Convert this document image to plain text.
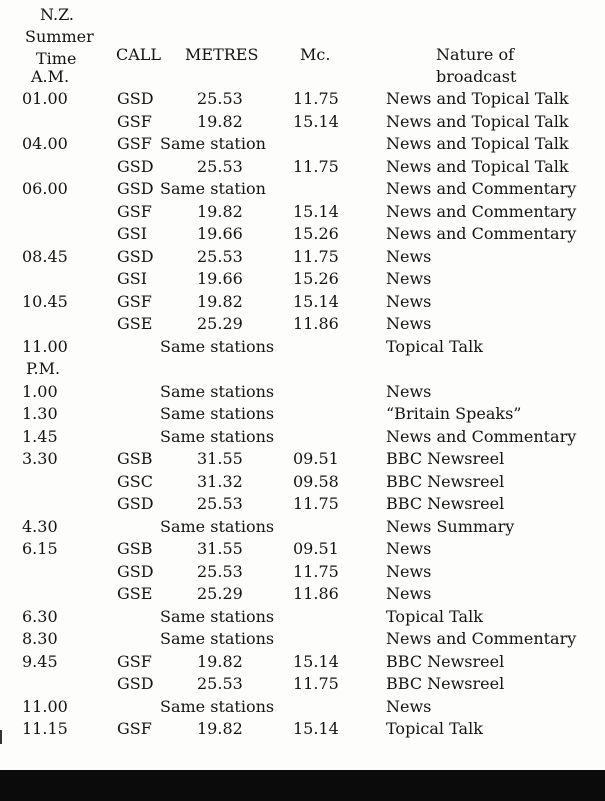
N.Z.
Summer
Time
A.M.
CALL METRES	Mc.	Nature of
broadcast
01.00	GSD	25.53	11.75	News and Topical Talk
GSF	19.82	15.14	News and Topical Talk
04.00	GSF Same station	News and Topical Talk
GSD	25.53	11.75	News and Topical Talk
06.00	GSD Same station	News and Commentary
GSF	19.82	15.14	News and Commentary
GSI	19.66	15.26	News and Commentary
08.45	GSD	25.53	11.75	News
GSI	19.66	15.26	News
10.45	GSF	19.82	15.14	News
GSE	25.29	11.86	News
11.00	Same stations	Topical Talk
P.M.
1.00	Same stations	News
1.30	Same stations	“Britain Speaks”
1.45	Same stations	News and Commentary
3.30	GSB	31.55	09.51	BBC Newsreel
GSC	31.32	09.58	BBC Newsreel
GSD	25.53	11.75	BBC Newsreel
4.30	Same stations	News Summary
6.15	GSB	31.55	09.51	News
GSD	25.53	11.75	News
GSE	25.29	11.86	News
6.30	Same stations	Topical Talk
8.30	Same stations	News and Commentary
9.45	GSF	19.82	15.14	BBC Newsreel
GSD	25.53	11.75	BBC Newsreel
11.00	Same stations	News
11.15	GSF	19.82	15.14	Topical Talk
